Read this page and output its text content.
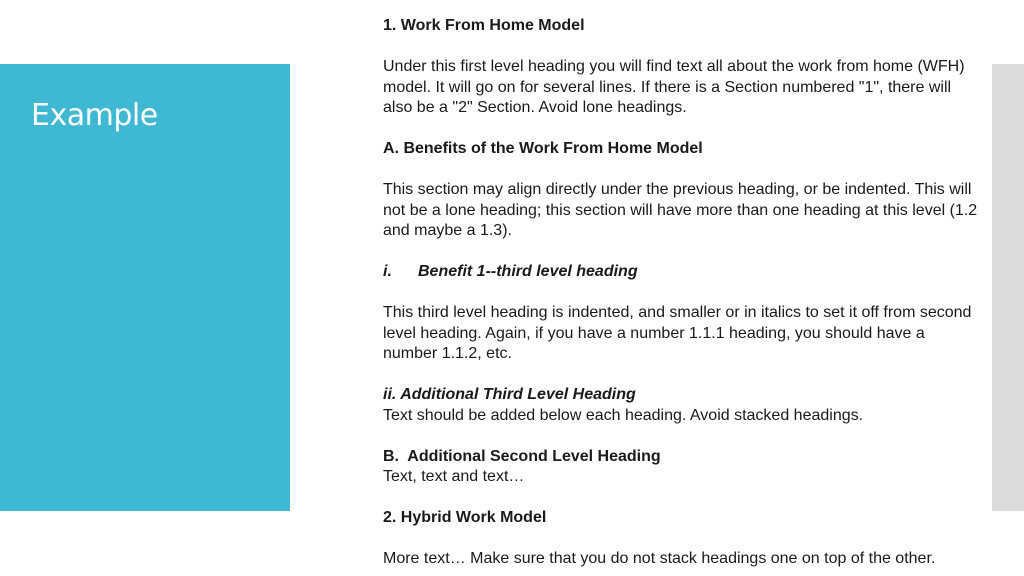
Example

1. Work From Home Model

Under this first level heading you will find text all about the work from home (WFH) model. It will go on for several lines. If there is a Section numbered "1", there will also be a "2" Section. Avoid lone headings.

A. Benefits of the Work From Home Model

This section may align directly under the previous heading, or be indented. This will not be a lone heading; this section will have more than one heading at this level (1.2 and maybe a 1.3).

i. Benefit 1--third level heading

This third level heading is indented, and smaller or in italics to set it off from second level heading. Again, if you have a number 1.1.1 heading, you should have a number 1.1.2, etc.

ii. Additional Third Level Heading

Text should be added below each heading. Avoid stacked headings.

B.  Additional Second Level Heading

Text, text and text…

2. Hybrid Work Model

More text… Make sure that you do not stack headings one on top of the other.
